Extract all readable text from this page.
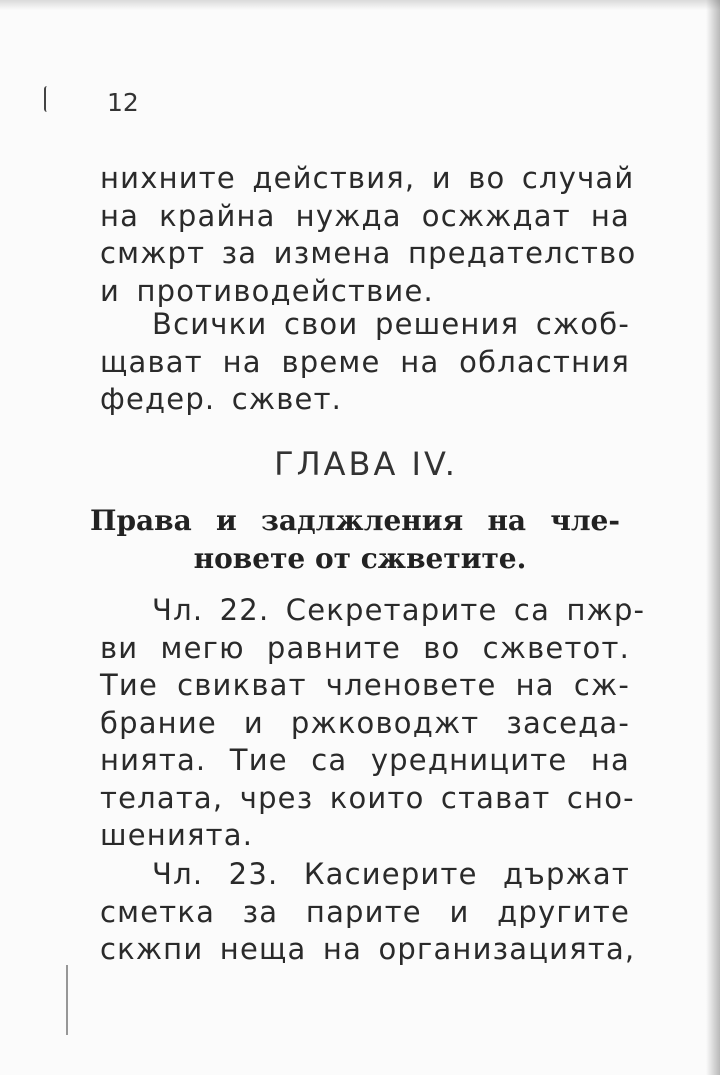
12
нихните действия, и во случай
на крайна нужда осжждат на
смжрт за измена предателство
и противодействие.
Всички свои решения сжоб-
щават на време на областния
федер. сжвет.
ГЛАВА IV.
Права и задлжления на чле-
новете от сжветите.
Чл. 22. Секретарите са пжр-
ви мегю равните во сжветот.
Тие свикват членовете на сж-
брание и ржководжт заседа-
нията. Тие са уредниците на
телата, чрез които стават сно-
шенията.
Чл. 23. Касиерите държат
сметка за парите и другите
скжпи неща на организацията,
